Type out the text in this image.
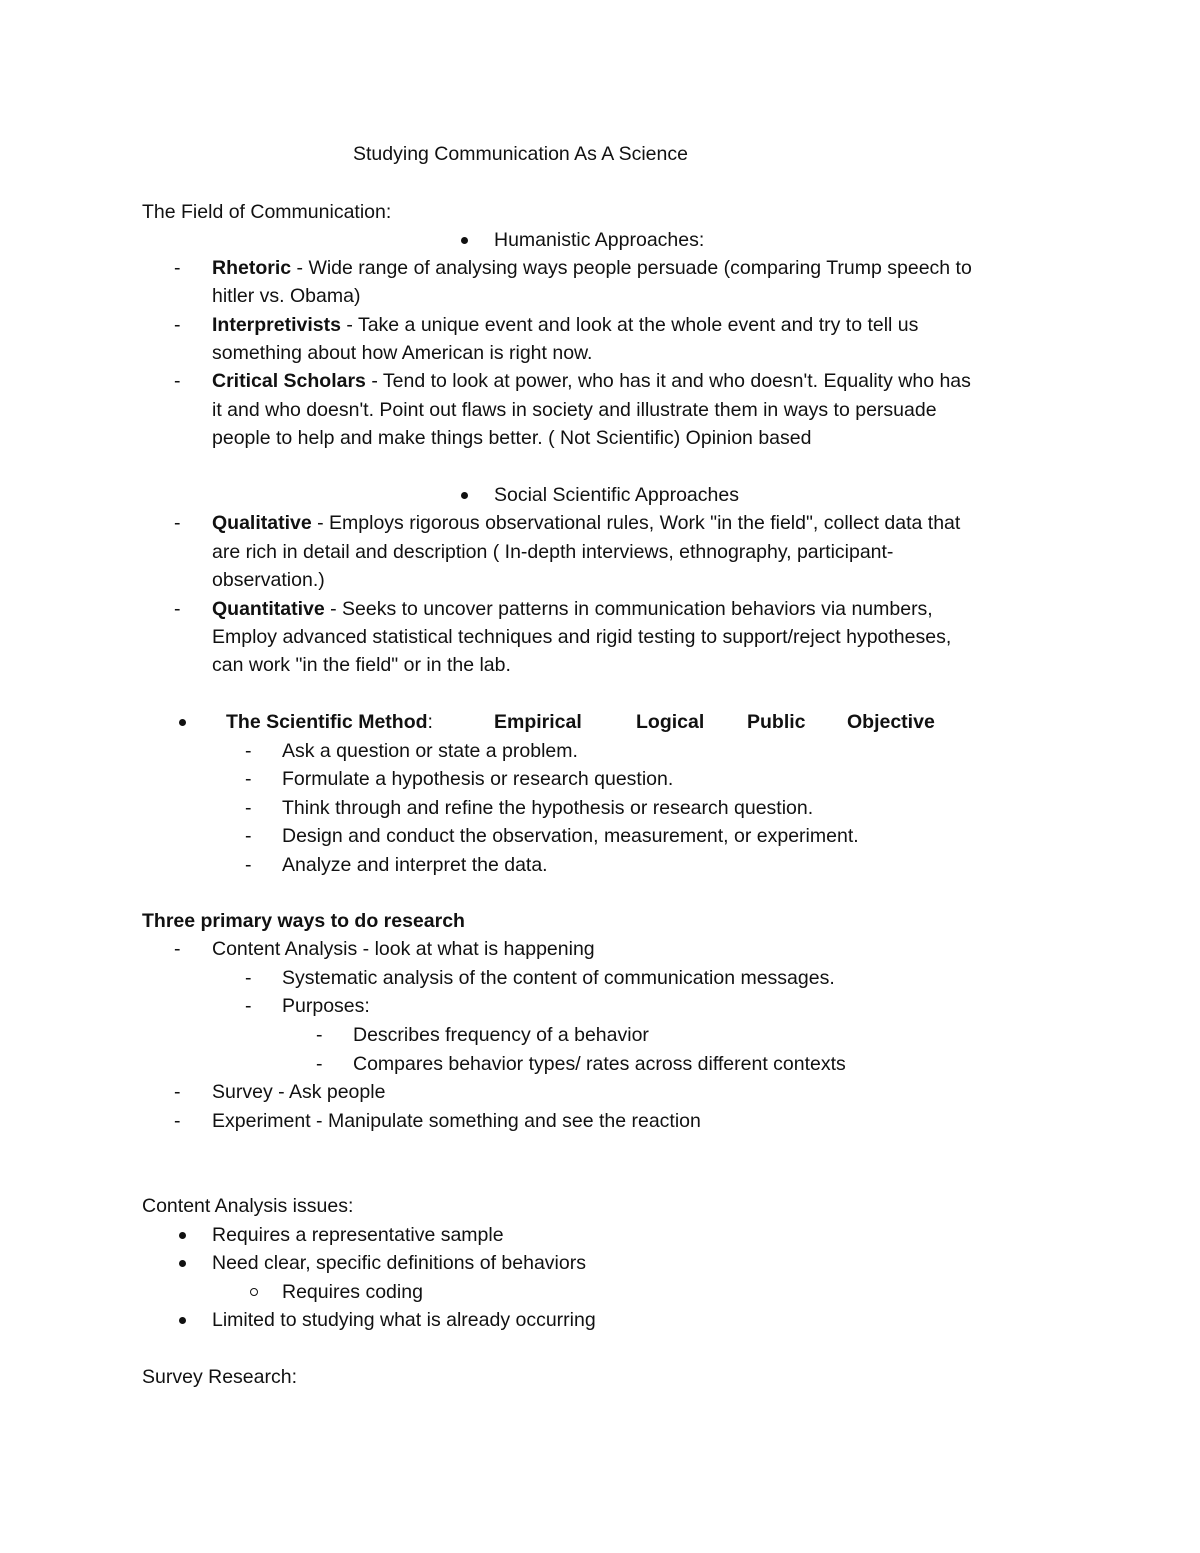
Studying Communication As A Science
The Field of Communication:
Humanistic Approaches:
-	Rhetoric - Wide range of analysing ways people persuade (comparing Trump speech to
hitler vs. Obama)
-	Interpretivists - Take a unique event and look at the whole event and try to tell us
something about how American is right now.
-	Critical Scholars - Tend to look at power, who has it and who doesn't. Equality who has
it and who doesn't. Point out flaws in society and illustrate them in ways to persuade
people to help and make things better. ( Not Scientific) Opinion based
Social Scientific Approaches
-	Qualitative - Employs rigorous observational rules, Work "in the field", collect data that
are rich in detail and description ( In-depth interviews, ethnography, participant-
observation.)
-	Quantitative - Seeks to uncover patterns in communication behaviors via numbers,
Employ advanced statistical techniques and rigid testing to support/reject hypotheses,
can work "in the field" or in the lab.
The Scientific Method:	Empirical	Logical Public Objective
-	Ask a question or state a problem.
-	Formulate a hypothesis or research question.
-	Think through and refine the hypothesis or research question.
-	Design and conduct the observation, measurement, or experiment.
-	Analyze and interpret the data.
Three primary ways to do research
-	Content Analysis - look at what is happening
-	Systematic analysis of the content of communication messages.
-	Purposes:
-	Describes frequency of a behavior
-	Compares behavior types/ rates across different contexts
-	Survey - Ask people
-	Experiment - Manipulate something and see the reaction
Content Analysis issues:
Requires a representative sample
Need clear, specific definitions of behaviors
Requires coding
Limited to studying what is already occurring
Survey Research:
